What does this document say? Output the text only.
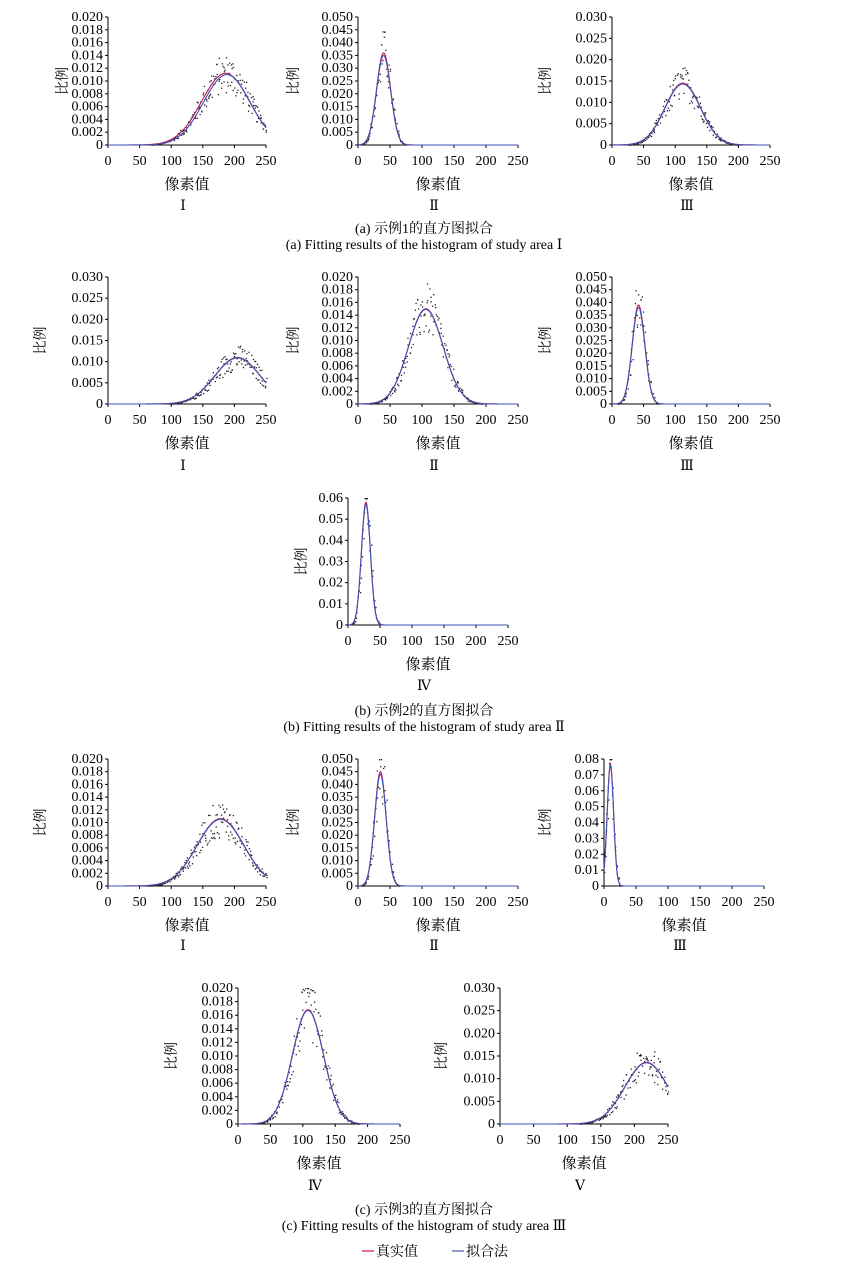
0
0.002
0.004
0.006
0.008
0.010
0.012
0.014
0.016
0.018
0.020
0 50 100 150 200 250
像素值
比例
Ⅰ
0
0.005
0.010
0.015
0.020
0.025
0.030
0.035
0.040
0.045
0.050
0 50 100 150 200 250
像素值
比例
Ⅱ
0
0.005
0.010
0.015
0.020
0.025
0.030
0 50 100 150 200 250
像素值
比例
Ⅲ
0
0.005
0.010
0.015
0.020
0.025
0.030
0 50 100 150 200 250
像素值
比例
Ⅰ
0
0.002
0.004
0.006
0.008
0.010
0.012
0.014
0.016
0.018
0.020
0 50 100 150 200 250
像素值
比例
Ⅱ
0
0.005
0.010
0.015
0.020
0.025
0.030
0.035
0.040
0.045
0.050
0 50 100 150 200 250
像素值
比例
Ⅲ
0
0.01
0.02
0.03
0.04
0.05
0.06
0 50 100 150 200 250
像素值
比例
Ⅳ
0
0.002
0.004
0.006
0.008
0.010
0.012
0.014
0.016
0.018
0.020
0 50 100 150 200 250
像素值
比例
Ⅰ
0
0.005
0.010
0.015
0.020
0.025
0.030
0.035
0.040
0.045
0.050
0 50 100 150 200 250
像素值
比例
Ⅱ
0
0.01
0.02
0.03
0.04
0.05
0.06
0.07
0.08
0 50 100 150 200 250
像素值
比例
Ⅲ
0
0.002
0.004
0.006
0.008
0.010
0.012
0.014
0.016
0.018
0.020
0 50 100 150 200 250
像素值
比例
Ⅳ
0
0.005
0.010
0.015
0.020
0.025
0.030
0 50 100 150 200 250
像素值
比例
Ⅴ
(a) 示例1的直方图拟合
(a) Fitting results of the histogram of study area Ⅰ
(b) 示例2的直方图拟合
(b) Fitting results of the histogram of study area Ⅱ
(c) 示例3的直方图拟合
(c) Fitting results of the histogram of study area Ⅲ
真实值	拟合法
